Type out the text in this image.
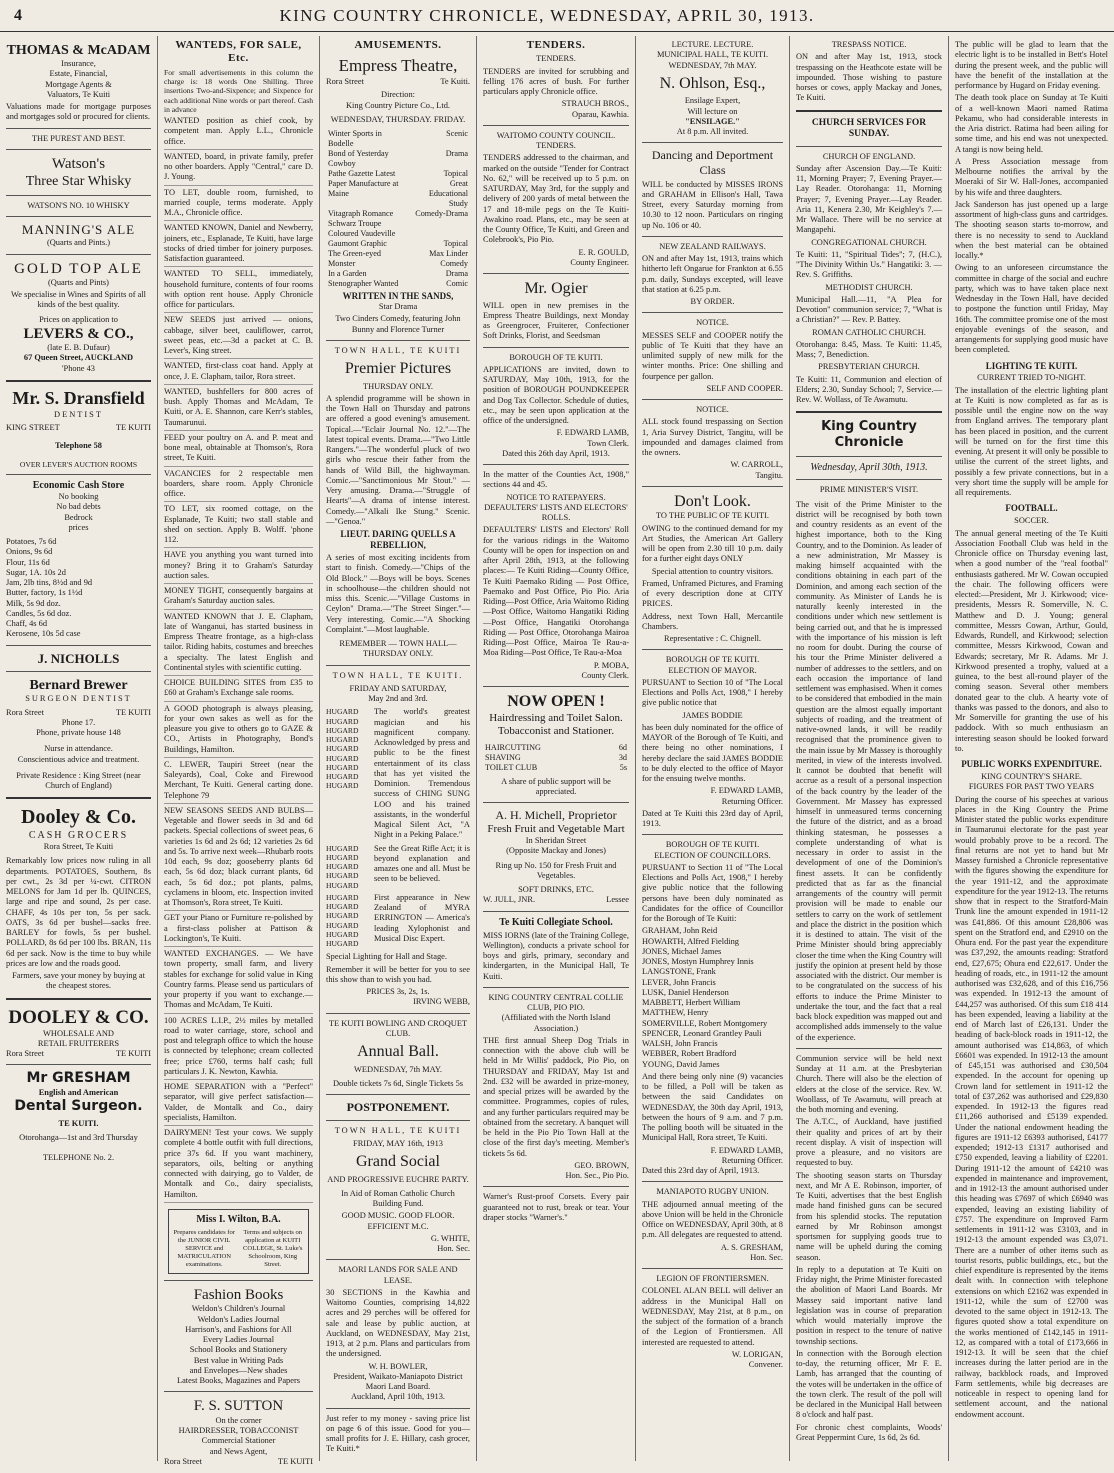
4	KING COUNTRY CHRONICLE, WEDNESDAY, APRIL 30, 1913.
THOMAS & McADAM
Insurance,
Estate, Financial,
Mortgage Agents &
Valuators, Te Kuiti

Valuations made for mortgage purposes and mortgages sold or procured for clients.

THE PUREST AND BEST.
Watson's
Three Star Whisky
WATSON'S NO. 10 WHISKY
MANNING'S ALE
(Quarts and Pints.)
GOLD TOP ALE
(Quarts and Pints)

We specialise in Wines and Spirits of all kinds of the best quality.

Prices on application to
LEVERS & CO.,
(late E. B. Dufaur)
67 Queen Street, AUCKLAND
'Phone 43
Mr. S. Dransfield
DENTIST
KING STREET	TE KUITI
Telephone 58
OVER LEVER'S AUCTION ROOMS
Economic Cash Store
No booking
No bad debts
Bedrock
prices
Potatoes, 7s 6d
Onions, 9s 6d
Flour, 11s 6d
Sugar, 1A. 10s 2d
Jam, 2lb tins, 8½d and 9d
Butter, factory, 1s 1½d
Milk, 5s 9d doz.
Candles, 5s 6d doz.
Chaff, 4s 6d
Kerosene, 10s 5d case
J. NICHOLLS
Bernard Brewer
SURGEON DENTIST
Rora Street	TE KUITI
Phone 17.
Phone, private house 148
Nurse in attendance.
Conscientious advice and treatment.

Private Residence : King Street (near Church of England)

Dooley & Co.
CASH GROCERS
Rora Street, Te Kuiti

Remarkably low prices now ruling in all departments. POTATOES, Southern, 8s per cwt., 2s 3d per ¼-cwt. CITRON MELONS for Jam 1d per lb. QUINCES, large and ripe and sound, 2s per case. CHAFF, 4s 10s per ton, 5s per sack. OATS, 3s 6d per bushel—sacks free. BARLEY for fowls, 5s per bushel. POLLARD, 8s 6d per 100 lbs. BRAN, 11s 6d per sack. Now is the time to buy while prices are low and the roads good.

Farmers, save your money by buying at the cheapest stores.

DOOLEY & CO.
WHOLESALE AND
RETAIL FRUITERERS
Rora Street	TE KUITI
Mr GRESHAM
English and American
Dental Surgeon.
TE KUITI.
Otorohanga—1st and 3rd Thursday
TELEPHONE No. 2.
WANTEDS, FOR SALE, Etc.

For small advertisements in this column the charge is: 18 words One Shilling. Three insertions Two-and-Sixpence; and Sixpence for each additional Nine words or part thereof. Cash in advance

WANTED position as chief cook, by competent man. Apply L.L., Chronicle office.

WANTED, board, in private family, prefer no other boarders. Apply "Central," care D. J. Young.

TO LET, double room, furnished, to married couple, terms moderate. Apply M.A., Chronicle office.

WANTED KNOWN, Daniel and Newberry, joiners, etc., Esplanade, Te Kuiti, have large stocks of dried timber for joinery purposes. Satisfaction guaranteed.

WANTED TO SELL, immediately, household furniture, contents of four rooms with option rent house. Apply Chronicle office for particulars.

NEW SEEDS just arrived — onions, cabbage, silver beet, cauliflower, carrot, sweet peas, etc.—3d a packet at C. B. Lever's, King street.

WANTED, first-class coat hand. Apply at once, J. E. Clapham, tailor, Rora street.

WANTED, bushfellers for 800 acres of bush. Apply Thomas and McAdam, Te Kuiti, or A. E. Shannon, care Kerr's stables, Taumarunui.

FEED your poultry on A. and P. meat and bone meal, obtainable at Thomson's, Rora street, Te Kuiti.

VACANCIES for 2 respectable men boarders, share room. Apply Chronicle office.

TO LET, six roomed cottage, on the Esplanade, Te Kuiti; two stall stable and shed on section. Apply B. Wolff. 'phone 112.

HAVE you anything you want turned into money? Bring it to Graham's Saturday auction sales.

MONEY TIGHT, consequently bargains at Graham's Saturday auction sales.

WANTED KNOWN that J. E. Clapham, late of Wanganui, has started business in Empress Theatre frontage, as a high-class tailor. Riding habits, costumes and breeches a specialty. The latest English and Continental styles with scientific cutting.

CHOICE BUILDING SITES from £35 to £60 at Graham's Exchange sale rooms.

A GOOD photograph is always pleasing, for your own sakes as well as for the pleasure you give to others go to GAZE & CO., Artists in Photography, Bond's Buildings, Hamilton.

C. LEWER, Taupiri Street (near the Saleyards), Coal, Coke and Firewood Merchant, Te Kuiti. General carting done. Telephone 79

NEW SEASONS SEEDS AND BULBS—Vegetable and flower seeds in 3d and 6d packets. Special collections of sweet peas, 6 varieties 1s 6d and 2s 6d; 12 varieties 2s 6d and 5s. To arrive next week—Rhubarb roots 10d each, 9s doz; gooseberry plants 6d each, 5s 6d doz; black currant plants, 6d each, 5s 6d doz.; pot plants, palms, cyclamens in bloom, etc. Inspection invited at Thomson's, Rora street, Te Kuiti.

GET your Piano or Furniture re-polished by a first-class polisher at Pattison & Lockington's, Te Kuiti.

WANTED EXCHANGES. — We have town property, small farm, and livery stables for exchange for solid value in King Country farms. Please send us particulars of your property if you want to exchange.—Thomas and McAdam, Te Kuiti.

100 ACRES L.I.P., 2½ miles by metalled road to water carriage, store, school and post and telegraph office to which the house is connected by telephone; cream collected free; price £760, terms half cash; full particulars J. K. Newton, Kawhia.

HOME SEPARATION with a "Perfect" separator, will give perfect satisfaction—Valder, de Montalk and Co., dairy specialists, Hamilton.

DAIRYMEN! Test your cows. We supply complete 4 bottle outfit with full directions, price 37s 6d. If you want machinery, separators, oils, belting or anything connected with dairying, go to Valder, de Montalk and Co., dairy specialists, Hamilton.

Miss I. Wilton, B.A.
Prepares candidates for the JUNIOR CIVIL SERVICE and MATRICULATION examinations.
Terms and subjects on application at KUITI COLLEGE, St. Luke's Schoolroom, King Street.
Fashion Books
Weldon's Children's Journal
Weldon's Ladies Journal
Harrison's, and Fashions for All
Every Ladies Journal
School Books and Stationery
Best value in Writing Pads
and Envelopes—New shades
Latest Books, Magazines and Papers
F. S. SUTTON
On the corner
HAIRDRESSER, TOBACCONIST
Commercial Stationer
and News Agent,
Rora Street	TE KUITI
AMUSEMENTS.
Empress Theatre,
Rora Street	Te Kuiti.
Direction:
King Country Picture Co., Ltd.
WEDNESDAY, THURSDAY. FRIDAY.
Winter Sports in Bodelle	Scenic
Bond of Yesterday Cowboy	Drama
Pathe Gazette Latest	Topical
Paper Manufacture at Maine	Great Educational Study
Vitagraph Romance	Comedy-Drama
Schwarz Troupe Coloured Vaudeville	
Gaumont Graphic	Topical
The Green-eyed Monster	Max Linder Comedy
In a Garden	Drama
Stenographer Wanted	Comic
WRITTEN IN THE SANDS,
Star Drama

Two Cinders Comedy, featuring John Bunny and Florence Turner

TOWN HALL, TE KUITI
Premier Pictures
THURSDAY ONLY.

A splendid programme will be shown in the Town Hall on Thursday and patrons are offered a good evening's amusement. Topical.—"Eclair Journal No. 12."—The latest topical events. Drama.—"Two Little Rangers."—The wonderful pluck of two girls who rescue their father from the hands of Wild Bill, the highwayman. Comic.—"Sanctimonious Mr Stout." —Very amusing. Drama.—"Struggle of Hearts"—A drama of intense interest. Comedy.—"Alkali Ike Stung." Scenic.—"Genoa."

LIEUT. DARING QUELLS A REBELLION,

A series of most exciting incidents from start to finish. Comedy.—"Chips of the Old Block." —Boys will be boys. Scenes in schoolhouse—the children should not miss this. Scenic.—"Village Customs in Ceylon" Drama.—"The Street Singer."—Very interesting. Comic.—"A Shocking Complaint."—Most laughable.

REMEMBER — TOWN HALL— THURSDAY ONLY.
TOWN HALL, TE KUITI.
FRIDAY AND SATURDAY,
May 2nd and 3rd.
HUGARD
HUGARD
HUGARD
HUGARD
HUGARD
HUGARD
HUGARD
HUGARD
HUGARD

The world's greatest magician and his magnificent company. Acknowledged by press and public to be the finest entertainment of its class that has yet visited the Dominion. Tremendous success of CHING SUNG LOO and his trained assistants, in the wonderful Magical Silent Act, "A Night in a Peking Palace."

HUGARD
HUGARD
HUGARD
HUGARD
HUGARD

See the Great Rifle Act; it is beyond explanation and amazes one and all. Must be seen to be believed.

HUGARD
HUGARD
HUGARD
HUGARD
HUGARD
HUGARD

First appearance in New Zealand of MYRA ERRINGTON — America's leading Xylophonist and Musical Disc Expert.

Special Lighting for Hall and Stage.

Remember it will be better for you to see this show than to wish you had.

PRICES 3s, 2s, 1s.
IRVING WEBB,
TE KUITI BOWLING AND CROQUET CLUB.
Annual Ball.
WEDNESDAY, 7th MAY.
Double tickets 7s 6d, Single Tickets 5s
POSTPONEMENT.
TOWN HALL, TE KUITI
FRIDAY, MAY 16th, 1913
Grand Social
AND PROGRESSIVE EUCHRE PARTY.

In Aid of Roman Catholic Church Building Fund.

GOOD MUSIC. GOOD FLOOR. EFFICIENT M.C.

G. WHITE,
Hon. Sec.
MAORI LANDS FOR SALE AND LEASE.

30 SECTIONS in the Kawhia and Waitomo Counties, comprising 14,822 acres and 29 perches will be offered for sale and lease by public auction, at Auckland, on WEDNESDAY, May 21st, 1913, at 2 p.m. Plans and particulars from the undersigned.

W. H. BOWLER,
President, Waikato-Maniapoto District Maori Land Board.
Auckland, April 10th, 1913.

Just refer to my money - saving price list on page 6 of this issue. Good for you—small profits for J. E. Hillary, cash grocer, Te Kuiti.*

TENDERS.
TENDERS.

TENDERS are invited for scrubbing and felling 176 acres of bush. For further particulars apply Chronicle office.

STRAUCH BROS.,
Oparau, Kawhia.
WAITOMO COUNTY COUNCIL.
TENDERS.

TENDERS addressed to the chairman, and marked on the outside "Tender for Contract No. 62," will be received up to 5 p.m. on SATURDAY, May 3rd, for the supply and delivery of 200 yards of metal between the 17 and 18-mile pegs on the Te Kuiti-Awakino road. Plans, etc., may be seen at the County Office, Te Kuiti, and Green and Colebrook's, Pio Pio.

E. R. GOULD,
County Engineer.
Mr. Ogier

WILL open in new premises in the Empress Theatre Buildings, next Monday as Greengrocer, Fruiterer, Confectioner Soft Drinks, Florist, and Seedsman

BOROUGH OF TE KUITI.

APPLICATIONS are invited, down to SATURDAY, May 10th, 1913, for the position of BOROUGH POUNDKEEPER and Dog Tax Collector. Schedule of duties, etc., may be seen upon application at the office of the undersigned.

F. EDWARD LAMB,
Town Clerk.
Dated this 26th day April, 1913.

In the matter of the Counties Act, 1908," sections 44 and 45.

NOTICE TO RATEPAYERS.
DEFAULTERS' LISTS AND ELECTORS' ROLLS.

DEFAULTERS' LISTS and Electors' Roll for the various ridings in the Waitomo County will be open for inspection on and after April 28th, 1913, at the following places:— Te Kuiti Riding—County Office, Te Kuiti Paemako Riding — Post Office, Paemako and Post Office, Pio Pio. Aria Riding—Post Office, Aria Waitomo Riding—Post Office, Waitomo Hangatiki Riding—Post Office, Hangatiki Otorohanga Riding — Post Office, Otorohanga Mairoa Riding—Post Office, Mairoa Te Rau-a-Moa Riding—Post Office, Te Rau-a-Moa

P. MOBA,
County Clerk.
NOW OPEN !
Hairdressing and Toilet Salon.
Tobacconist and Stationer.
HAIRCUTTING	6d
SHAVING	3d
TOILET CLUB	5s

A share of public support will be appreciated.

A. H. Michell, Proprietor
Fresh Fruit and Vegetable Mart
In Sheridan Street
(Opposite Mackay and Jones)

Ring up No. 150 for Fresh Fruit and Vegetables.

SOFT DRINKS, ETC.
W. JULL, JNR.	Lessee
Te Kuiti Collegiate School.

MISS IORNS (late of the Training College, Wellington), conducts a private school for boys and girls, primary, secondary and kindergarten, in the Municipal Hall, Te Kuiti.

KING COUNTRY CENTRAL COLLIE CLUB, PIO PIO.
(Affiliated with the North Island Association.)

THE first annual Sheep Dog Trials in connection with the above club will be held in Mr Willis' paddock, Pio Pio, on THURSDAY and FRIDAY, May 1st and 2nd. £32 will be awarded in prize-money, and special prizes will be awarded by the committee. Programmes, copies of rules, and any further particulars required may be obtained from the secretary. A banquet will be held in the Pio Pio Town Hall at the close of the first day's meeting. Member's tickets 5s 6d.

GEO. BROWN,
Hon. Sec., Pio Pio.

Warner's Rust-proof Corsets. Every pair guaranteed not to rust, break or tear. Your draper stocks "Warner's."

LECTURE. LECTURE.
MUNICIPAL HALL, TE KUITI.
WEDNESDAY, 7th MAY.
N. Ohlson, Esq.,
Ensilage Expert,
Will lecture on
"ENSILAGE."
At 8 p.m. All invited.
Dancing and Deportment Class

WILL be conducted by MISSES IRONS and GRAHAM in Ellison's Hall, Tawa Street, every Saturday morning from 10.30 to 12 noon. Particulars on ringing up No. 106 or 40.

NEW ZEALAND RAILWAYS.

ON and after May 1st, 1913, trains which hitherto left Ongarue for Frankton at 6.55 p.m. daily, Sundays excepted, will leave that station at 6.25 p.m.

BY ORDER.
NOTICE.

MESSES SELF and COOPER notify the public of Te Kuiti that they have an unlimited supply of new milk for the winter months. Price: One shilling and fourpence per gallon.

SELF AND COOPER.
NOTICE.

ALL stock found trespassing on Section 1, Aria Survey District, Tangitu, will be impounded and damages claimed from the owners.

W. CARROLL,
Tangitu.
Don't Look.
TO THE PUBLIC OF TE KUITI.

OWING to the continued demand for my Art Studies, the American Art Gallery will be open from 2.30 till 10 p.m. daily for a further eight days ONLY

Special attention to country visitors.

Framed, Unframed Pictures, and Framing of every description done at CITY PRICES.

Address, next Town Hall, Mercantile Chambers.

Representative : C. Chignell.
BOROUGH OF TE KUITI.
ELECTION OF MAYOR.

PURSUANT to Section 10 of "The Local Elections and Polls Act, 1908," I hereby give public notice that

JAMES BODDIE

has been duly nominated for the office of MAYOR of the Borough of Te Kuiti, and there being no other nominations, I hereby declare the said JAMES BODDIE to be duly elected to the office of Mayor for the ensuing twelve months.

F. EDWARD LAMB,
Returning Officer.

Dated at Te Kuiti this 23rd day of April, 1913.

BOROUGH OF TE KUITI.
ELECTION OF COUNCILLORS.

PURSUANT to Section 11 of "The Local Elections and Polls Act, 1908," I hereby give public notice that the following persons have been duly nominated as Candidates for the office of Councillor for the Borough of Te Kuiti:

GRAHAM, John Reid
HOWARTH, Alfred Fielding
JONES, Michael James
JONES, Mostyn Humphrey Innis
LANGSTONE, Frank
LEVER, John Francis
LUSK, Daniel Henderson
MABBETT, Herbert William
MATTHEW, Henry
SOMERVILLE, Robert Montgomery
SPENCER, Leonard Grantley Pauli
WALSH, John Francis
WEBBER, Robert Bradford
YOUNG, David James

And there being only nine (9) vacancies to be filled, a Poll will be taken as between the said Candidates on WEDNESDAY, the 30th day April, 1913, between the hours of 9 a.m. and 7 p.m. The polling booth will be situated in the Municipal Hall, Rora street, Te Kuiti.

F. EDWARD LAMB,
Returning Officer.
Dated this 23rd day of April, 1913.
MANIAPOTO RUGBY UNION.

THE adjourned annual meeting of the above Union will be held in the Chronicle Office on WEDNESDAY, April 30th, at 8 p.m. All delegates are requested to attend.

A. S. GRESHAM,
Hon. Sec.
LEGION OF FRONTIERSMEN.

COLONEL ALAN BELL will deliver an address in the Municipal Hall on WEDNESDAY, May 21st, at 8 p.m., on the subject of the formation of a branch of the Legion of Frontiersmen. All interested are requested to attend.

W. LORIGAN,
Convener.
TRESPASS NOTICE.

ON and after May 1st, 1913, stock trespassing on the Heathcote estate will be impounded. Those wishing to pasture horses or cows, apply Mackay and Jones, Te Kuiti.

CHURCH SERVICES FOR SUNDAY.
CHURCH OF ENGLAND.

Sunday after Ascension Day.—Te Kuiti: 11, Morning Prayer; 7, Evening Prayer.—Lay Reader. Otorohanga: 11, Morning Prayer; 7, Evening Prayer.—Lay Reader. Aria 11, Kenera 2.30, Mr Keighley's 7.—Mr Wallace. There will be no service at Mangapehi.

CONGREGATIONAL CHURCH.

Te Kuiti: 11, "Spiritual Tides"; 7, (H.C.), "The Divinity Within Us." Hangatiki: 3. — Rev. S. Griffiths.

METHODIST CHURCH.

Municipal Hall.—11, "A Plea for Devotion" communion service; 7, "What is a Christian?" — Rev. P. Battey.

ROMAN CATHOLIC CHURCH.

Otorohanga: 8.45, Mass. Te Kuiti: 11.45, Mass; 7, Benediction.

PRESBYTERIAN CHURCH.

Te Kuiti: 11, Communion and election of Elders; 2.30, Sunday School; 7, Service.—Rev. W. Wollass, of Te Awamutu.

King Country Chronicle
Wednesday, April 30th, 1913.
PRIME MINISTER'S VISIT.

The visit of the Prime Minister to the district will be recognised by both town and country residents as an event of the highest importance, both to the King Country, and to the Dominion. As leader of a new administration, Mr Massey is making himself acquainted with the conditions obtaining in each part of the Dominion, and among each section of the community. As Minister of Lands he is naturally keenly interested in the conditions under which new settlement is being carried out, and that he is impressed with the importance of his mission is left no room for doubt. During the course of his tour the Prime Minister delivered a number of addresses to the settlers, and on each occasion the importance of land settlement was emphasised. When it comes to be considered that embodied in the main question are the almost equally important subjects of roading, and the treatment of native-owned lands, it will be readily recognised that the prominence given to the main issue by Mr Massey is thoroughly merited, in view of the interests involved. It cannot be doubted that benefit will accrue as a result of a personal inspection of the back country by the leader of the Government. Mr Massey has expressed himself in unmeasured terms concerning the future of the district, and as a broad thinking statesman, he possesses a complete understanding of what is necessary in order to assist in the development of one of the Dominion's finest assets. It can be confidently predicted that as far as the financial arrangements of the country will permit provision will be made to enable our settlers to carry on the work of settlement and place the district in the position which it is destined to attain. The visit of the Prime Minister should bring appreciably closer the time when the King Country will justify the opinion at present held by those associated with the district. Our member is to be congratulated on the success of his efforts to induce the Prime Minister to undertake the tour, and the fact that a real back block expedition was mapped out and accomplished adds immensely to the value of the experience.

Communion service will be held next Sunday at 11 a.m. at the Presbyterian Church. There will also be the election of elders at the close of the service. Rev. W. Woollass, of Te Awamutu, will preach at the both morning and evening.

The A.T.C., of Auckland, have justified their quality and prices of art by their recent display. A visit of inspection will prove a pleasure, and no visitors are requested to buy.

The shooting season starts on Thursday next, and Mr A E. Robinson, importer, of Te Kuiti, advertises that the best English made hand finished guns can be secured from his splendid stocks. The reputation earned by Mr Robinson amongst sportsmen for supplying goods true to name will be upheld during the coming season.

In reply to a deputation at Te Kuiti on Friday night, the Prime Minister forecasted the abolition of Maori Land Boards. Mr Massey said important native land legislation was in course of preparation which would materially improve the position in respect to the tenure of native township sections.

In connection with the Borough election to-day, the returning officer, Mr F. E. Lamb, has arranged that the counting of the votes will be undertaken in the office of the town clerk. The result of the poll will be declared in the Municipal Hall between 8 o'clock and half past.

For chronic chest complaints, Woods' Great Peppermint Cure, 1s 6d, 2s 6d.

The public will be glad to learn that the electric light is to be installed in Bett's Hotel during the present week, and the public will have the benefit of the installation at the performance by Hugard on Friday evening.

The death took place on Sunday at Te Kuiti of a well-known Maori named Ratima Pekamu, who had considerable interests in the Aria district. Ratima had been ailing for some time, and his end was not unexpected. A tangi is now being held.

A Press Association message from Melbourne notifies the arrival by the Moeraki of Sir W. Hall-Jones, accompanied by his wife and three daughters.

Jack Sanderson has just opened up a large assortment of high-class guns and cartridges. The shooting season starts to-morrow, and there is no necessity to send to Auckland when the best material can be obtained locally.*

Owing to an unforeseen circumstance the committee in charge of the social and euchre party, which was to have taken place next Wednesday in the Town Hall, have decided to postpone the function until Friday, May 16th. The committee promise one of the most enjoyable evenings of the season, and arrangements for supplying good music have been completed.

LIGHTING TE KUITI.
CURRENT TRIED TO-NIGHT.

The installation of the electric lighting plant at Te Kuiti is now completed as far as is possible until the engine now on the way from England arrives. The temporary plant has been placed in position, and the current will be turned on for the first time this evening. At present it will only be possible to utilise the current of the street lights, and possibly a few private connections, but in a very short time the supply will be ample for all requirements.

FOOTBALL.
SOCCER.

The annual general meeting of the Te Kuiti Association Football Club was held in the Chronicle office on Thursday evening last, when a good number of the "real footbal" enthusiasts gathered. Mr W. Cowan occupied the chair. The following officers were elected:—President, Mr J. Kirkwood; vice-presidents, Messrs R. Somerville, N. C. Matthew and D. J. Young; general committee, Messrs Cowan, Arthur, Gould, Edwards, Rundell, and Kirkwood; selection committee, Messrs Kirkwood, Cowan and Edwards; secretary, Mr R. Adams. Mr J. Kirkwood presented a trophy, valued at a guinea, to the best all-round player of the coming season. Several other members donated gear to the club. A hearty vote of thanks was passed to the donors, and also to Mr Somerville for granting the use of his paddock. With so much enthusiasm an interesting season should be looked forward to.

PUBLIC WORKS EXPENDITURE.
KING COUNTRY'S SHARE.
FIGURES FOR PAST TWO YEARS

During the course of his speeches at various places in the King Country the Prime Minister stated the public works expenditure in Taumarunui electorate for the past year would probably prove to be a record. The final returns are not yet to hand but Mr Massey furnished a Chronicle representative with the figures showing the expenditure for the year 1911-12, and the approximate expenditure for the year 1912-13. The returns show that in respect to the Stratford-Main Trunk line the amount expended in 1911-12 was £41,886. Of this amount £28,806 was spent on the Stratford end, and £2910 on the Ohura end. For the past year the expenditure was £37,292, the amounts reading: Stratford end, £27,675; Ohura end £22,617. Under the heading of roads, etc., in 1911-12 the amount authorised was £32,628, and of this £16,756 was expended. In 1912-13 the amount of £44,257 was authorised. Of this sum £18 414 has been expended, leaving a liability at the end of March last of £26,131. Under the heading of back-block roads in 1911-12, the amount authorised was £14,863, of which £6601 was expended. In 1912-13 the amount of £45,151 was authorised and £30,504 expended. In the account for opening up Crown land for settlement in 1911-12 the total of £37,262 was authorised and £29,830 expended. In 1912-13 the figures read £11,266 authorised and £5139 expended. Under the national endowment heading the figures are 1911-12 £6393 authorised, £4177 expended; 1912-13 £1317 authorised and £750 expended, leaving a liability of £2201. During 1911-12 the amount of £4210 was expended in maintenance and improvement, and in 1912-13 the amount authorised under this heading was £7697 of which £6940 was expended, leaving an existing liability of £757. The expenditure on Improved Farm settlements in 1911-12 was £3103, and in 1912-13 the amount expended was £3,071. There are a number of other items such as tourist resorts, public buildings, etc., but the chief expenditure is represented by the items dealt with. In connection with telephone extensions on which £2162 was expended in 1911-12, while the sum of £2700 was devoted to the same object in 1912-13. The figures quoted show a total expenditure on the works mentioned of £142,145 in 1911-12, as compared with a total of £173,666 in 1912-13. It will be seen that the chief increases during the latter period are in the railway, backblock roads, and Improved Farm settlements, while big decreases are noticeable in respect to opening land for settlement account, and the national endowment account.
